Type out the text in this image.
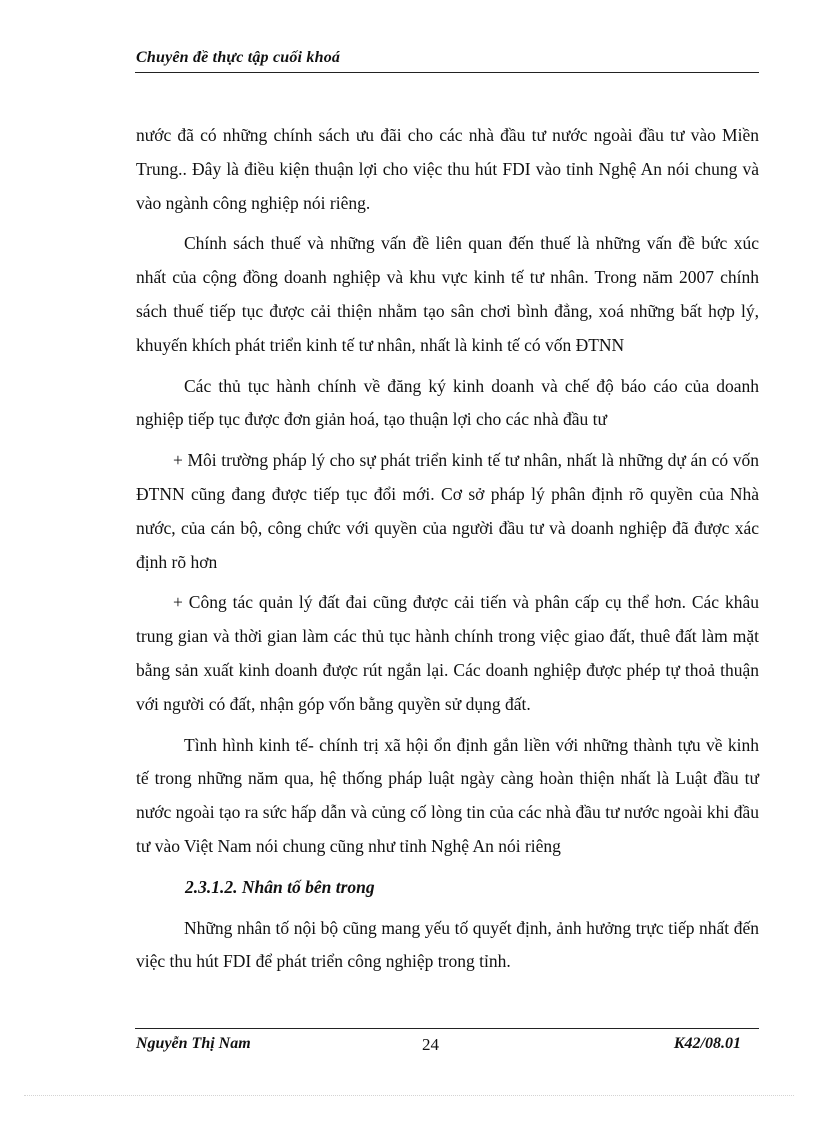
Chuyên đề thực tập cuối khoá

nước đã có những chính sách ưu đãi cho các nhà đầu tư nước ngoài đầu tư vào Miền Trung.. Đây là điều kiện thuận lợi cho việc thu hút FDI vào tỉnh Nghệ An nói chung và vào ngành công nghiệp nói riêng.

Chính sách thuế và những vấn đề liên quan đến thuế là những vấn đề bức xúc nhất của cộng đồng doanh nghiệp và khu vực kinh tế tư nhân. Trong năm 2007 chính sách thuế tiếp tục được cải thiện nhằm tạo sân chơi bình đẳng, xoá những bất hợp lý, khuyến khích phát triển kinh tế tư nhân, nhất là kinh tế có vốn ĐTNN

Các thủ tục hành chính về đăng ký kinh doanh và chế độ báo cáo của doanh nghiệp tiếp tục được đơn giản hoá, tạo thuận lợi cho các nhà đầu tư

+ Môi trường pháp lý cho sự phát triển kinh tế tư nhân, nhất là những dự án có vốn ĐTNN cũng đang được tiếp tục đổi mới. Cơ sở pháp lý phân định rõ quyền của Nhà nước, của cán bộ, công chức với quyền của người đầu tư và doanh nghiệp đã được xác định rõ hơn

+ Công tác quản lý đất đai cũng được cải tiến và phân cấp cụ thể hơn. Các khâu trung gian và thời gian làm các thủ tục hành chính trong việc giao đất, thuê đất làm mặt bằng sản xuất kinh doanh được rút ngắn lại. Các doanh nghiệp được phép tự thoả thuận với người có đất, nhận góp vốn bằng quyền sử dụng đất.

Tình hình kinh tế- chính trị xã hội ổn định gắn liền với những thành tựu về kinh tế trong những năm qua, hệ thống pháp luật ngày càng hoàn thiện nhất là Luật đầu tư nước ngoài tạo ra sức hấp dẫn và củng cố lòng tin của các nhà đầu tư nước ngoài khi đầu tư vào Việt Nam nói chung cũng như tỉnh Nghệ An nói riêng

2.3.1.2. Nhân tố bên trong

Những nhân tố nội bộ cũng mang yếu tố quyết định, ảnh hưởng trực tiếp nhất đến việc thu hút FDI để phát triển công nghiệp trong tỉnh.

Nguyễn Thị Nam	24	K42/08.01
